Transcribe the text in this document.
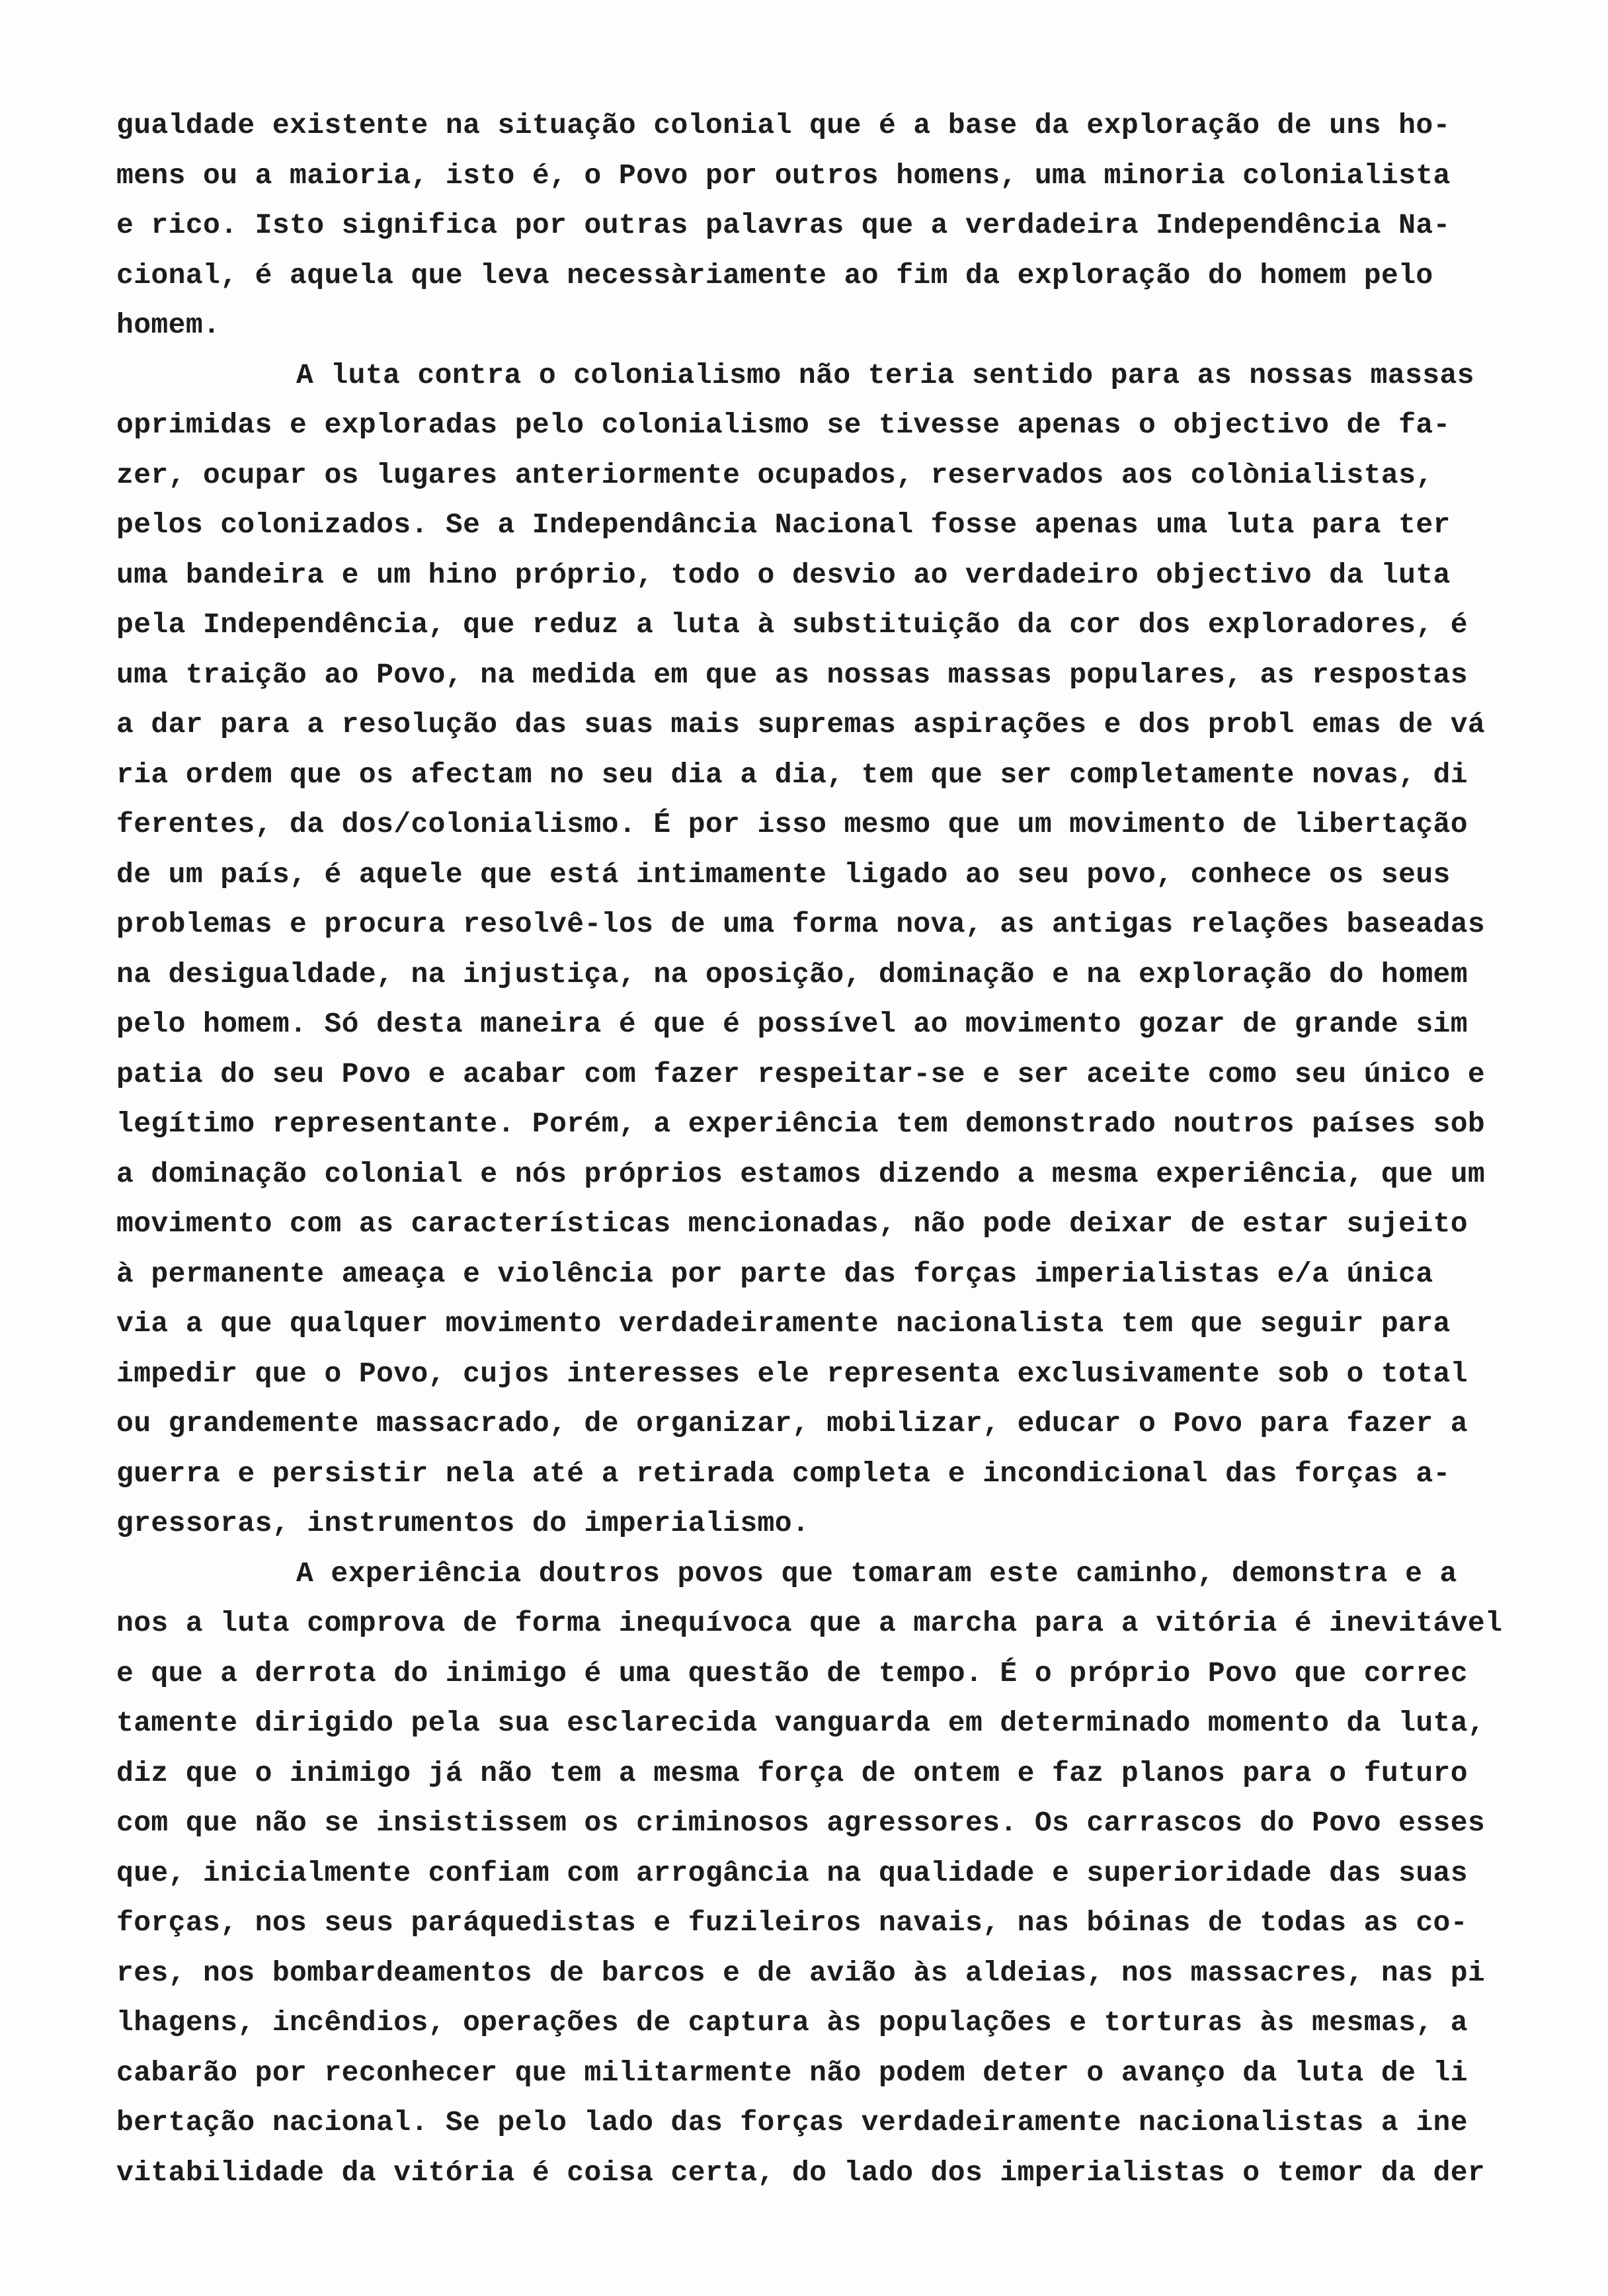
gualdade existente na situação colonial que é a base da exploração de uns ho-
mens ou a maioria, isto é, o Povo por outros homens, uma minoria colonialista
e rico. Isto significa por outras palavras que a verdadeira Independência Na-
cional, é aquela que leva necessàriamente ao fim da exploração do homem pelo
homem.
A luta contra o colonialismo não teria sentido para as nossas massas
oprimidas e exploradas pelo colonialismo se tivesse apenas o objectivo de fa-
zer, ocupar os lugares anteriormente ocupados, reservados aos colònialistas,
pelos colonizados. Se a Independância Nacional fosse apenas uma luta para ter
uma bandeira e um hino próprio, todo o desvio ao verdadeiro objectivo da luta
pela Independência, que reduz a luta à substituição da cor dos exploradores, é
uma traição ao Povo, na medida em que as nossas massas populares, as respostas
a dar para a resolução das suas mais supremas aspirações e dos probl emas de vá
ria ordem que os afectam no seu dia a dia, tem que ser completamente novas, di
ferentes, da dos/colonialismo. É por isso mesmo que um movimento de libertação
de um país, é aquele que está intimamente ligado ao seu povo, conhece os seus
problemas e procura resolvê-los de uma forma nova, as antigas relações baseadas
na desigualdade, na injustiça, na oposição, dominação e na exploração do homem
pelo homem. Só desta maneira é que é possível ao movimento gozar de grande sim
patia do seu Povo e acabar com fazer respeitar-se e ser aceite como seu único e
legítimo representante. Porém, a experiência tem demonstrado noutros países sob
a dominação colonial e nós próprios estamos dizendo a mesma experiência, que um
movimento com as características mencionadas, não pode deixar de estar sujeito
à permanente ameaça e violência por parte das forças imperialistas e/a única
via a que qualquer movimento verdadeiramente nacionalista tem que seguir para
impedir que o Povo, cujos interesses ele representa exclusivamente sob o total
ou grandemente massacrado, de organizar, mobilizar, educar o Povo para fazer a
guerra e persistir nela até a retirada completa e incondicional das forças a-
gressoras, instrumentos do imperialismo.
A experiência doutros povos que tomaram este caminho, demonstra e a
nos a luta comprova de forma inequívoca que a marcha para a vitória é inevitável
e que a derrota do inimigo é uma questão de tempo. É o próprio Povo que correc
tamente dirigido pela sua esclarecida vanguarda em determinado momento da luta,
diz que o inimigo já não tem a mesma força de ontem e faz planos para o futuro
com que não se insistissem os criminosos agressores. Os carrascos do Povo esses
que, inicialmente confiam com arrogância na qualidade e superioridade das suas
forças, nos seus paráquedistas e fuzileiros navais, nas bóinas de todas as co-
res, nos bombardeamentos de barcos e de avião às aldeias, nos massacres, nas pi
lhagens, incêndios, operações de captura às populações e torturas às mesmas, a
cabarão por reconhecer que militarmente não podem deter o avanço da luta de li
bertação nacional. Se pelo lado das forças verdadeiramente nacionalistas a ine
vitabilidade da vitória é coisa certa, do lado dos imperialistas o temor da der
